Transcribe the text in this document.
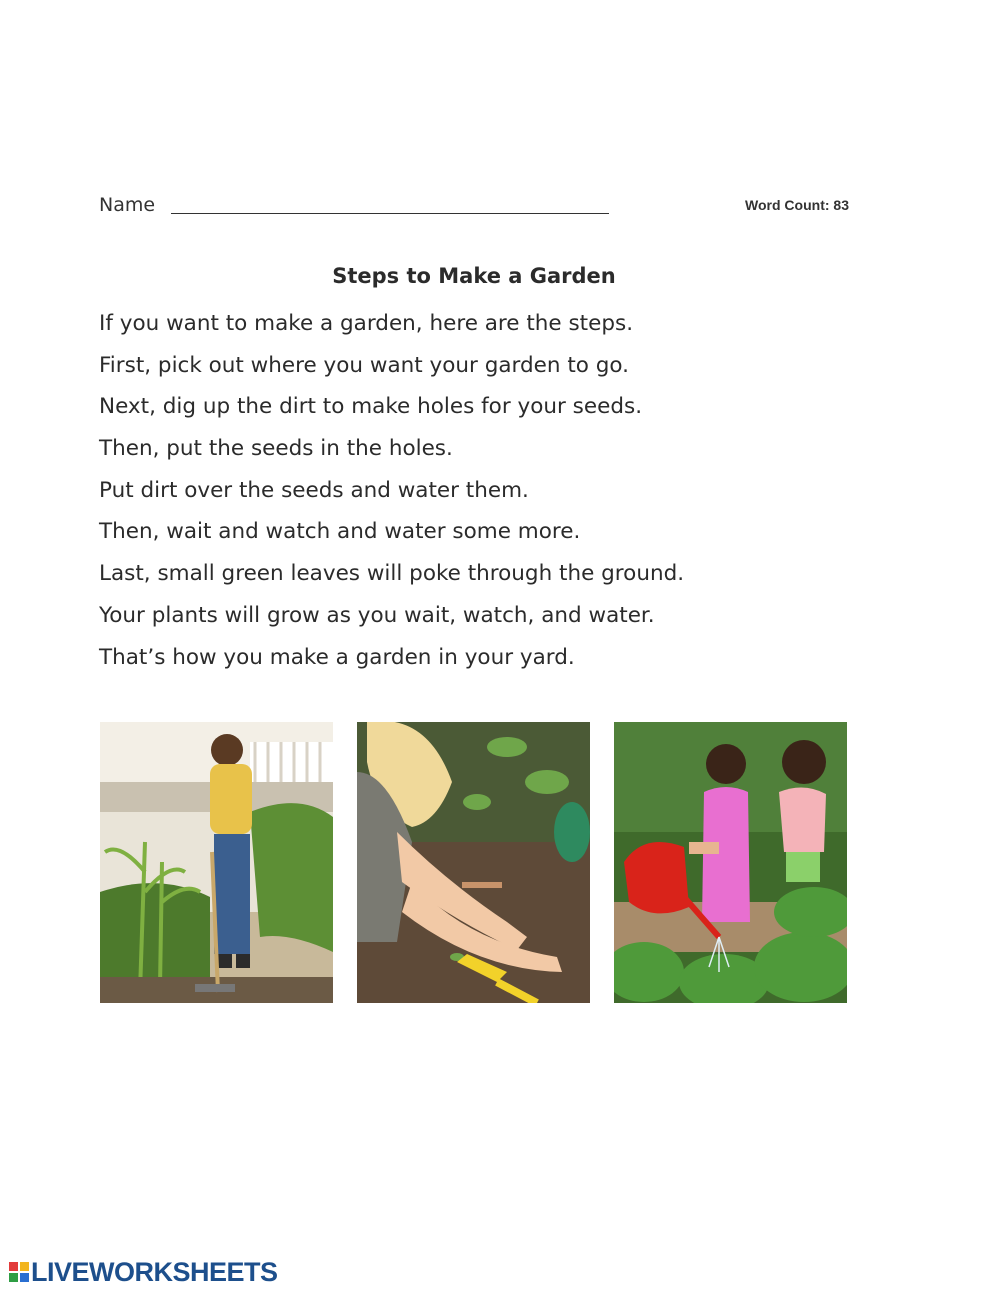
Name	Word Count: 83
Steps to Make a Garden
If you want to make a garden, here are the steps.
First, pick out where you want your garden to go.
Next, dig up the dirt to make holes for your seeds.
Then, put the seeds in the holes.
Put dirt over the seeds and water them.
Then, wait and watch and water some more.
Last, small green leaves will poke through the ground.
Your plants will grow as you wait, watch, and water.
That’s how you make a garden in your yard.
LIVEWORKSHEETS
